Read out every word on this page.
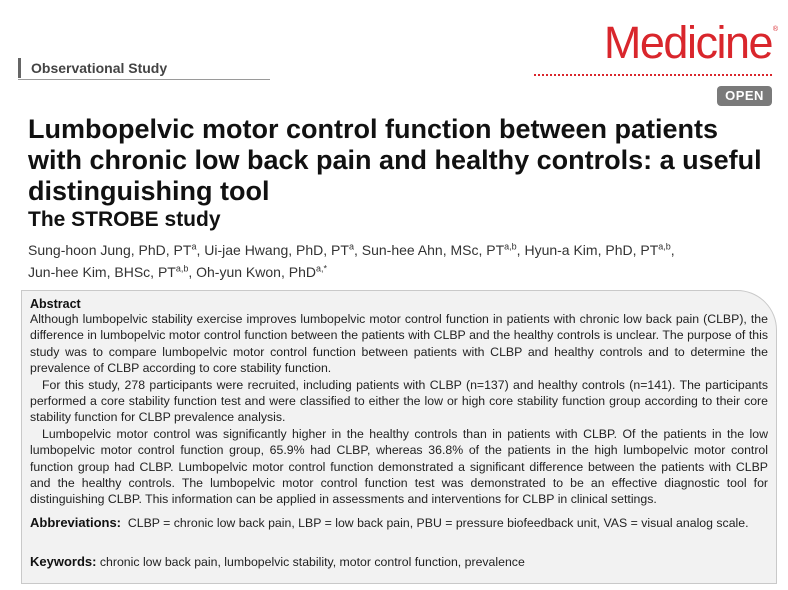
Observational Study	Medicine ®
OPEN
Lumbopelvic motor control function between patients with chronic low back pain and healthy controls: a useful distinguishing tool
The STROBE study

Sung-hoon Jung, PhD, $PT^a$, Ui-jae Hwang, PhD, $PT^a$, Sun-hee Ahn, MSc, PT$^{a,b}$, Hyun-a Kim, PhD, PT$^{a,b}$,
Jun-hee Kim, BHSc, PT$^{a,b}$, Oh-yun Kwon, PhD$^{a,*}$

Abstract

Although lumbopelvic stability exercise improves lumbopelvic motor control function in patients with chronic low back pain (CLBP), the difference in lumbopelvic motor control function between the patients with CLBP and the healthy controls is unclear. The purpose of this study was to compare lumbopelvic motor control function between patients with CLBP and healthy controls and to determine the prevalence of CLBP according to core stability function.

For this study, 278 participants were recruited, including patients with CLBP (n=137) and healthy controls (n=141). The participants performed a core stability function test and were classified to either the low or high core stability function group according to their core stability function for CLBP prevalence analysis.

Lumbopelvic motor control was significantly higher in the healthy controls than in patients with CLBP. Of the patients in the low lumbopelvic motor control function group, 65.9% had CLBP, whereas 36.8% of the patients in the high lumbopelvic motor control function group had CLBP. Lumbopelvic motor control function demonstrated a significant difference between the patients with CLBP and the healthy controls. The lumbopelvic motor control function test was demonstrated to be an effective diagnostic tool for distinguishing CLBP. This information can be applied in assessments and interventions for CLBP in clinical settings.

Abbreviations: CLBP = chronic low back pain, LBP = low back pain, PBU = pressure biofeedback unit, VAS = visual analog scale.

Keywords: chronic low back pain, lumbopelvic stability, motor control function, prevalence
